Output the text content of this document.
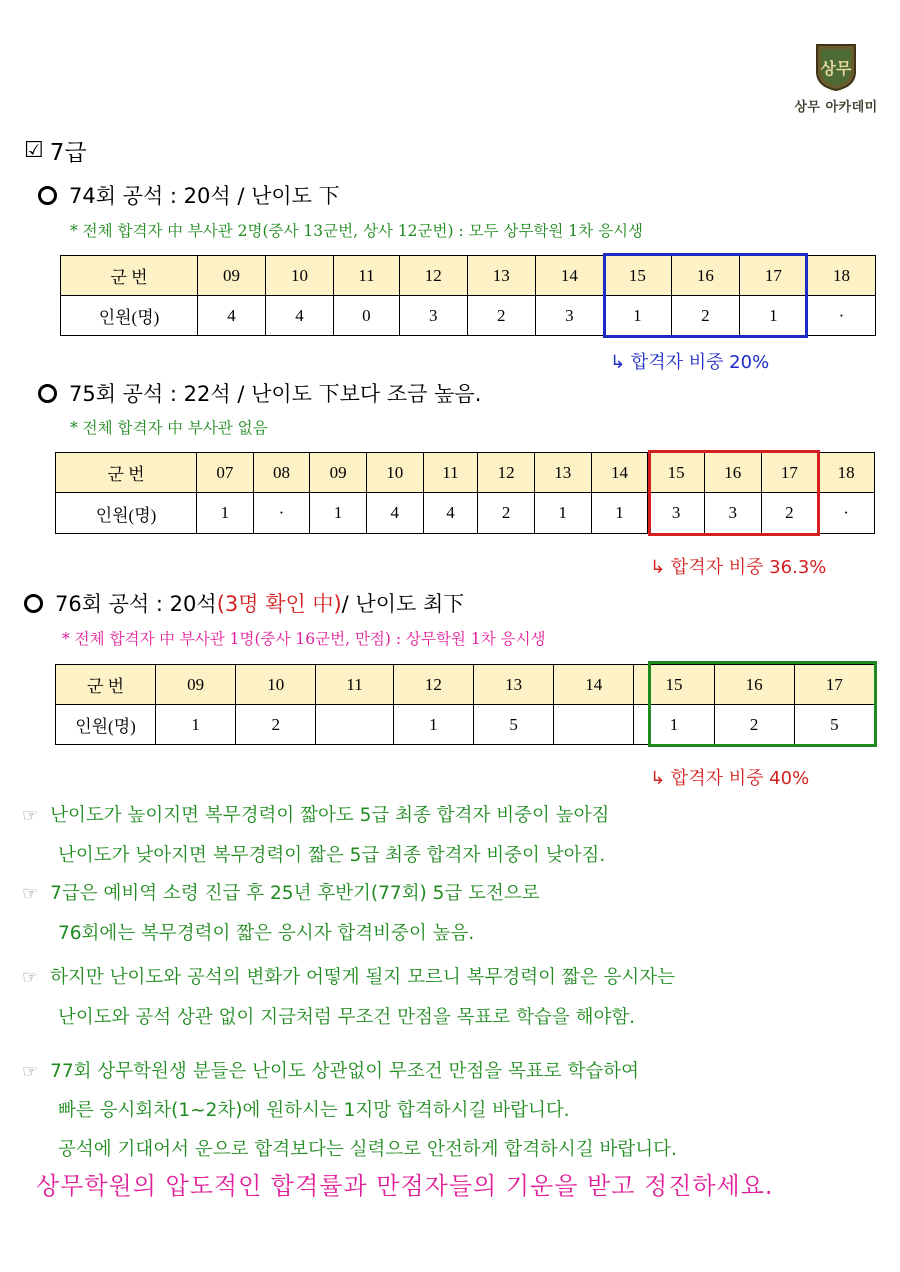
상무
상무 아카데미
☑ 7급
74회 공석 : 20석 / 난이도 下
* 전체 합격자 中 부사관 2명(중사 13군번, 상사 12군번) : 모두 상무학원 1차 응시생
군 번	09	10	11	12	13	14	15	16	17	18
인원(명)	4	4	0	3	2	3	1	2	1	·
↳ 합격자 비중 20%
75회 공석 : 22석 / 난이도 下보다 조금 높음.
* 전체 합격자 中 부사관 없음
군 번	07	08	09	10	11	12	13	14	15	16	17	18
인원(명)	1	·	1	4	4	2	1	1	3	3	2	·
↳ 합격자 비중 36.3%
76회 공석 : 20석 (3명 확인 中) / 난이도 최下
* 전체 합격자 中 부사관 1명(중사 16군번, 만점) : 상무학원 1차 응시생
군 번	09	10	11	12	13	14	15	16	17
인원(명)	1	2		1	5		1	2	5
↳ 합격자 비중 40%
☞ 난이도가 높이지면 복무경력이 짧아도 5급 최종 합격자 비중이 높아짐
난이도가 낮아지면 복무경력이 짧은 5급 최종 합격자 비중이 낮아짐.
☞ 7급은 예비역 소령 진급 후 25년 후반기(77회) 5급 도전으로
76회에는 복무경력이 짧은 응시자 합격비중이 높음.
☞ 하지만 난이도와 공석의 변화가 어떻게 될지 모르니 복무경력이 짧은 응시자는
난이도와 공석 상관 없이 지금처럼 무조건 만점을 목표로 학습을 해야함.
☞ 77회 상무학원생 분들은 난이도 상관없이 무조건 만점을 목표로 학습하여
빠른 응시회차(1~2차)에 원하시는 1지망 합격하시길 바랍니다.
공석에 기대어서 운으로 합격보다는 실력으로 안전하게 합격하시길 바랍니다.
상무학원의 압도적인 합격률과 만점자들의 기운을 받고 정진하세요.
